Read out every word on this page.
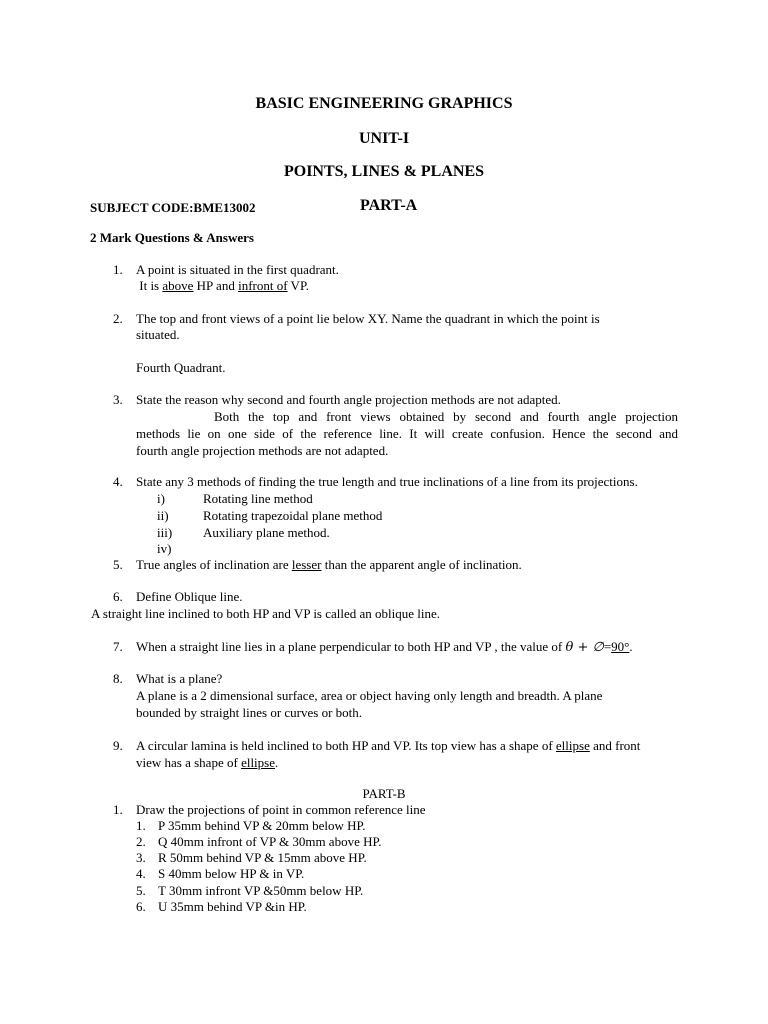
BASIC ENGINEERING GRAPHICS
UNIT-I
POINTS, LINES & PLANES
SUBJECT CODE:BME13002	PART-A
2 Mark Questions & Answers
1. A point is situated in the first quadrant.
It is above HP and infront of VP.
2. The top and front views of a point lie below XY. Name the quadrant in which the point is
situated.
Fourth Quadrant.
3. State the reason why second and fourth angle projection methods are not adapted.
Both the top and front views obtained by second and fourth angle projection
methods lie on one side of the reference line. It will create confusion. Hence the second and
fourth angle projection methods are not adapted.
4. State any 3 methods of finding the true length and true inclinations of a line from its projections.
i)	Rotating line method
ii)	Rotating trapezoidal plane method
iii) Auxiliary plane method.
iv)
5. True angles of inclination are lesser than the apparent angle of inclination.
6. Define Oblique line.
A straight line inclined to both HP and VP is called an oblique line.
7. When a straight line lies in a plane perpendicular to both HP and VP , the value of θ + ∅=90°.
8. What is a plane?
A plane is a 2 dimensional surface, area or object having only length and breadth. A plane
bounded by straight lines or curves or both.
9. A circular lamina is held inclined to both HP and VP. Its top view has a shape of ellipse and front
view has a shape of ellipse.
PART-B
1. Draw the projections of point in common reference line
1. P 35mm behind VP & 20mm below HP.
2. Q 40mm infront of VP & 30mm above HP.
3. R 50mm behind VP & 15mm above HP.
4. S 40mm below HP & in VP.
5. T 30mm infront VP &50mm below HP.
6. U 35mm behind VP &in HP.
